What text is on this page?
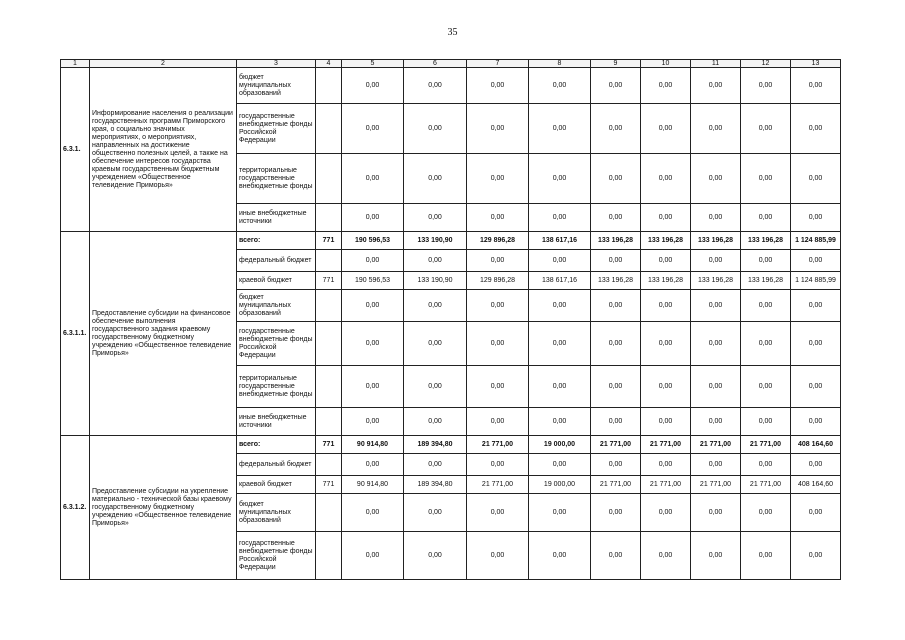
35
1	2	3	4	5	6	7	8	9	10	11	12	13
6.3.1.	Информирование населения о реализации государственных программ Приморского края, о социально значимых мероприятиях, о мероприятиях, направленных на достижение общественно полезных целей, а также на обеспечение интересов государства краевым государственным бюджетным учреждением «Общественное телевидение Приморья»	бюджет муниципальных образований		0,00	0,00	0,00	0,00	0,00	0,00	0,00	0,00	0,00
		государственные внебюджетные фонды Российской Федерации		0,00	0,00	0,00	0,00	0,00	0,00	0,00	0,00	0,00
		территориальные государственные внебюджетные фонды		0,00	0,00	0,00	0,00	0,00	0,00	0,00	0,00	0,00
		иные внебюджетные источники		0,00	0,00	0,00	0,00	0,00	0,00	0,00	0,00	0,00
6.3.1.1.	Предоставление субсидии на финансовое обеспечение выполнения государственного задания краевому государственному бюджетному учреждению «Общественное телевидение Приморья»	всего:	771	190 596,53	133 190,90	129 896,28	138 617,16	133 196,28	133 196,28	133 196,28	133 196,28	1 124 885,99
		федеральный бюджет		0,00	0,00	0,00	0,00	0,00	0,00	0,00	0,00	0,00
		краевой бюджет	771	190 596,53	133 190,90	129 896,28	138 617,16	133 196,28	133 196,28	133 196,28	133 196,28	1 124 885,99
		бюджет муниципальных образований		0,00	0,00	0,00	0,00	0,00	0,00	0,00	0,00	0,00
		государственные внебюджетные фонды Российской Федерации		0,00	0,00	0,00	0,00	0,00	0,00	0,00	0,00	0,00
		территориальные государственные внебюджетные фонды		0,00	0,00	0,00	0,00	0,00	0,00	0,00	0,00	0,00
		иные внебюджетные источники		0,00	0,00	0,00	0,00	0,00	0,00	0,00	0,00	0,00
6.3.1.2.	Предоставление субсидии на укрепление материально - технической базы краевому государственному бюджетному учреждению «Общественное телевидение Приморья»	всего:	771	90 914,80	189 394,80	21 771,00	19 000,00	21 771,00	21 771,00	21 771,00	21 771,00	408 164,60
		федеральный бюджет		0,00	0,00	0,00	0,00	0,00	0,00	0,00	0,00	0,00
		краевой бюджет	771	90 914,80	189 394,80	21 771,00	19 000,00	21 771,00	21 771,00	21 771,00	21 771,00	408 164,60
		бюджет муниципальных образований		0,00	0,00	0,00	0,00	0,00	0,00	0,00	0,00	0,00
		государственные внебюджетные фонды Российской Федерации		0,00	0,00	0,00	0,00	0,00	0,00	0,00	0,00	0,00
